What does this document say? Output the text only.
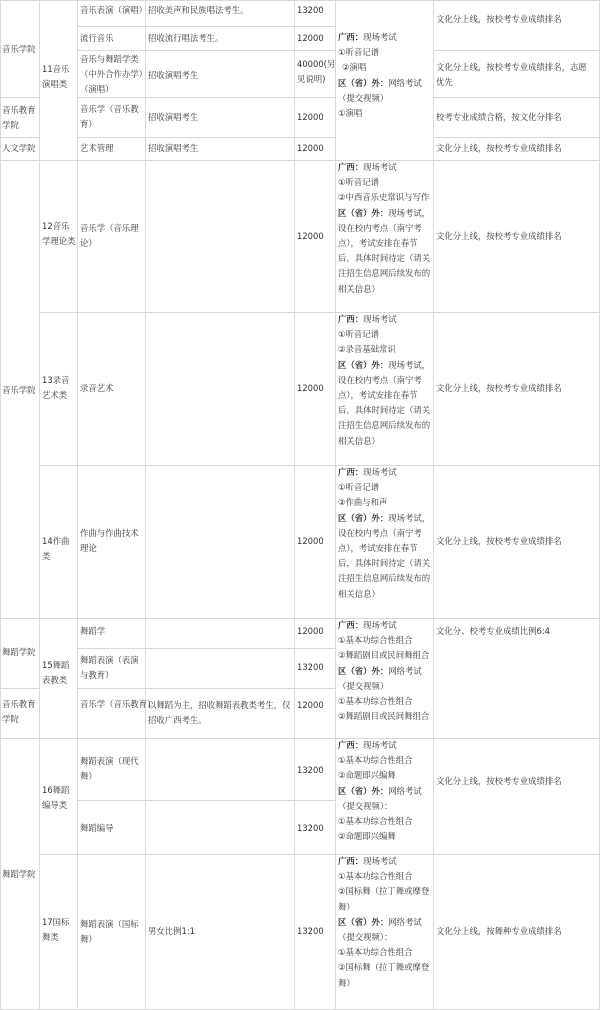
音乐学院
音乐教育学院
人文学院
音乐学院
舞蹈学院
音乐教育学院
舞蹈学院
11音乐演唱类
12音乐学理论类
13录音艺术类
14作曲类
15舞蹈表教类
16舞蹈编导类
17国标舞类
音乐表演（演唱）
流行音乐
音乐与舞蹈学类（中外合作办学）（演唱）
音乐学（音乐教育）
艺术管理
音乐学（音乐理论）
录音艺术
作曲与作曲技术理论
舞蹈学
舞蹈表演（表演与教育）
音乐学（音乐教育）
舞蹈表演（现代舞）
舞蹈编导
舞蹈表演（国标舞）
招收美声和民族唱法考生。
招收流行唱法考生。
招收演唱考生
招收演唱考生
招收演唱考生
以舞蹈为主，招收舞蹈表教类考生，仅招收广西考生。
男女比例1:1
13200
12000
40000(另见说明)
12000
12000
12000
12000
12000
12000
13200
12000
13200
13200
13200
广西：现场考试
①听音记谱
②演唱
区（省）外：网络考试
（提交视频）
①演唱
广西：现场考试
①听音记谱
②中西音乐史常识与写作
区（省）外：现场考试，
设在校内考点（南宁考
点），考试安排在春节
后，具体时间待定（请关
注招生信息网后续发布的
相关信息）
广西：现场考试
①听音记谱
②录音基础常识
区（省）外：现场考试，
设在校内考点（南宁考
点），考试安排在春节
后，具体时间待定（请关
注招生信息网后续发布的
相关信息）
广西：现场考试
①听音记谱
②作曲与和声
区（省）外：现场考试，
设在校内考点（南宁考
点），考试安排在春节
后，具体时间待定（请关
注招生信息网后续发布的
相关信息）
广西：现场考试
①基本功综合性组合
②舞蹈剧目或民间舞组合
区（省）外：网络考试
（提交视频）
①基本功综合性组合
②舞蹈剧目或民间舞组合
广西：现场考试
①基本功综合性组合
②命题即兴编舞
区（省）外：网络考试
（提交视频）：
①基本功综合性组合
②命题即兴编舞
广西：现场考试
①基本功综合性组合
②国标舞（拉丁舞或摩登
舞）
区（省）外：网络考试
（提交视频）：
①基本功综合性组合
②国标舞（拉丁舞或摩登
舞）
文化分上线，按校考专业成绩排名
文化分上线，按校考专业成绩排名，志愿
优先
校考专业成绩合格，按文化分排名
文化分上线，按校考专业成绩排名
文化分上线，按校考专业成绩排名
文化分上线，按校考专业成绩排名
文化分上线，按校考专业成绩排名
文化分、校考专业成绩比例6:4
文化分上线，按校考专业成绩排名
文化分上线，按舞种专业成绩排名
